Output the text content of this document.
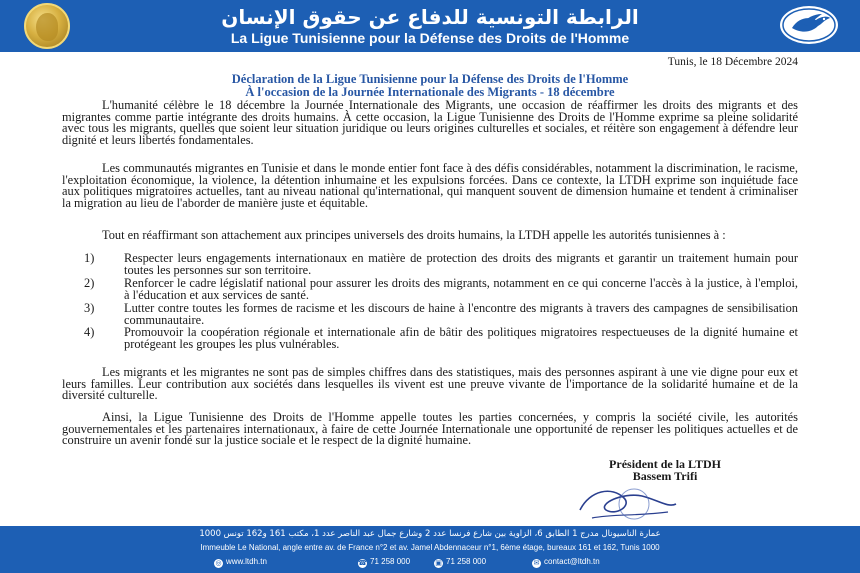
الرابطة التونسية للدفاع عن حقوق الإنسان
La Ligue Tunisienne pour la Défense des Droits de l'Homme
Tunis, le 18 Décembre 2024
Déclaration de la Ligue Tunisienne pour la Défense des Droits de l'Homme
À l'occasion de la Journée Internationale des Migrants - 18 décembre

L'humanité célèbre le 18 décembre la Journée Internationale des Migrants, une occasion de réaffirmer les droits des migrants et des migrantes comme partie intégrante des droits humains. À cette occasion, la Ligue Tunisienne des Droits de l'Homme exprime sa pleine solidarité avec tous les migrants, quelles que soient leur situation juridique ou leurs origines culturelles et sociales, et réitère son engagement à défendre leur dignité et leurs libertés fondamentales.

Les communautés migrantes en Tunisie et dans le monde entier font face à des défis considérables, notamment la discrimination, le racisme, l'exploitation économique, la violence, la détention inhumaine et les expulsions forcées. Dans ce contexte, la LTDH exprime son inquiétude face aux politiques migratoires actuelles, tant au niveau national qu'international, qui manquent souvent de dimension humaine et tendent à criminaliser la migration au lieu de l'aborder de manière juste et équitable.

Tout en réaffirmant son attachement aux principes universels des droits humains, la LTDH appelle les autorités tunisiennes à :

1) Respecter leurs engagements internationaux en matière de protection des droits des migrants et garantir un traitement humain pour toutes les personnes sur son territoire.
2) Renforcer le cadre législatif national pour assurer les droits des migrants, notamment en ce qui concerne l'accès à la justice, à l'emploi, à l'éducation et aux services de santé.
3) Lutter contre toutes les formes de racisme et les discours de haine à l'encontre des migrants à travers des campagnes de sensibilisation communautaire.
4) Promouvoir la coopération régionale et internationale afin de bâtir des politiques migratoires respectueuses de la dignité humaine et protégeant les groupes les plus vulnérables.

Les migrants et les migrantes ne sont pas de simples chiffres dans des statistiques, mais des personnes aspirant à une vie digne pour eux et leurs familles. Leur contribution aux sociétés dans lesquelles ils vivent est une preuve vivante de l'importance de la solidarité humaine et de la diversité culturelle.

Ainsi, la Ligue Tunisienne des Droits de l'Homme appelle toutes les parties concernées, y compris la société civile, les autorités gouvernementales et les partenaires internationaux, à faire de cette Journée Internationale une opportunité de repenser les politiques actuelles et de construire un avenir fondé sur la justice sociale et le respect de la dignité humaine.

Président de la LTDH
Bassem Trifi
عمارة الناسيونال مدرج 1 الطابق 6، الزاوية بين شارع فرنسا عدد 2 وشارع جمال عبد الناصر عدد 1، مكتب 161 و162 تونس 1000
Immeuble Le National, angle entre av. de France n°2 et av. Jamel Abdennaceur n°1, 6ème étage, bureaux 161 et 162, Tunis 1000
◎ www.ltdh.tn	☎ 71 258 000	▣ 71 258 000	✉ contact@ltdh.tn
